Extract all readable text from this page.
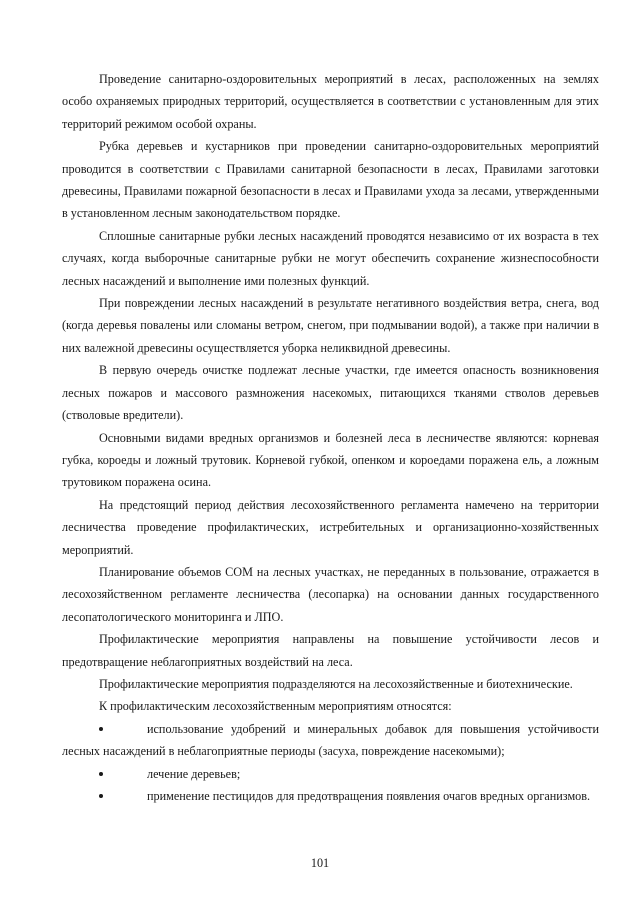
Проведение санитарно-оздоровительных мероприятий в лесах, расположенных на землях особо охраняемых природных территорий, осуществляется в соответствии с установленным для этих территорий режимом особой охраны.

Рубка деревьев и кустарников при проведении санитарно-оздоровительных мероприятий проводится в соответствии с Правилами санитарной безопасности в лесах, Правилами заготовки древесины, Правилами пожарной безопасности в лесах и Правилами ухода за лесами, утвержденными в установленном лесным законодательством порядке.

Сплошные санитарные рубки лесных насаждений проводятся независимо от их возраста в тех случаях, когда выборочные санитарные рубки не могут обеспечить сохранение жизнеспособности лесных насаждений и выполнение ими полезных функций.

При повреждении лесных насаждений в результате негативного воздействия ветра, снега, вод (когда деревья повалены или сломаны ветром, снегом, при подмывании водой), а также при наличии в них валежной древесины осуществляется уборка неликвидной древесины.

В первую очередь очистке подлежат лесные участки, где имеется опасность возникновения лесных пожаров и массового размножения насекомых, питающихся тканями стволов деревьев (стволовые вредители).

Основными видами вредных организмов и болезней леса в лесничестве являются: корневая губка, короеды и ложный трутовик. Корневой губкой, опенком и короедами поражена ель, а ложным трутовиком поражена осина.

На предстоящий период действия лесохозяйственного регламента намечено на территории лесничества проведение профилактических, истребительных и организационно-хозяйственных мероприятий.

Планирование объемов СОМ на лесных участках, не переданных в пользование, отражается в лесохозяйственном регламенте лесничества (лесопарка) на основании данных государственного лесопатологического мониторинга и ЛПО.

Профилактические мероприятия направлены на повышение устойчивости лесов и предотвращение неблагоприятных воздействий на леса.

Профилактические мероприятия подразделяются на лесохозяйственные и биотехнические.

К профилактическим лесохозяйственным мероприятиям относятся:

использование удобрений и минеральных добавок для повышения устойчивости лесных насаждений в неблагоприятные периоды (засуха, повреждение насекомыми);
лечение деревьев;
применение пестицидов для предотвращения появления очагов вредных организмов.
101
